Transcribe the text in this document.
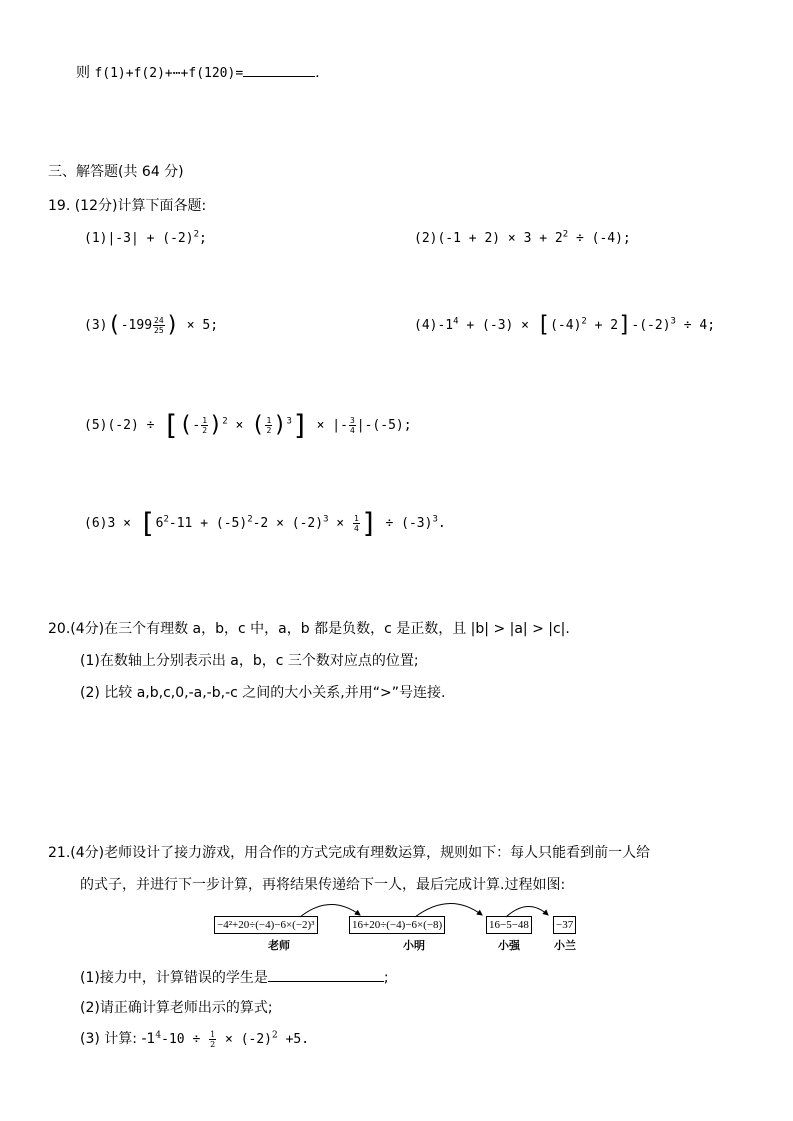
则 f(1)+f(2)+⋯+f(120)=	.
三、解答题(共 64 分)
19. (12分)计算下面各题:
$(1)|-3| + (-2)^2$;	$(2)(-1 + 2) \times 3 + 2^2 \div (-4)$;
$(3)(-199 \frac{24}{25}$ ) × 5;	$(4)-1^4 + (-3) \times [(-4)^2 + 2]-(-2)^3 \div 4$;
(5)(-2) ÷ [(- $\frac{1}{2} )^2$ × ( $\frac{1}{2} )^3$] × |- $\frac{3}{4} |-(-5)$;
$(6)3 \times [6^2-11 + (-5)^2-2 \times (-2)^3 \times \frac{1}{4}$ ] ÷ $(-3)^3$.
20.(4分)在三个有理数 a，b，c 中，a，b 都是负数，c 是正数，且 |b| > |a| > |c|.
(1)在数轴上分别表示出 a，b，c 三个数对应点的位置;
(2) 比较 a,b,c,0,-a,-b,-c 之间的大小关系,并用“>”号连接.
21.(4分)老师设计了接力游戏，用合作的方式完成有理数运算，规则如下：每人只能看到前一人给
的式子，并进行下一步计算，再将结果传递给下一人，最后完成计算.过程如图:
−4²+20÷(−4)−6×(−2)³	16+20÷(−4)−6×(−8)	16−5−48 −37
老师	小明	小强	小兰
(1)接力中，计算错误的学生是	;
(2)请正确计算老师出示的算式;
(3) 计算: $-1^4-10 \div \frac{1}{2} \times (-2)^2 +5$.
